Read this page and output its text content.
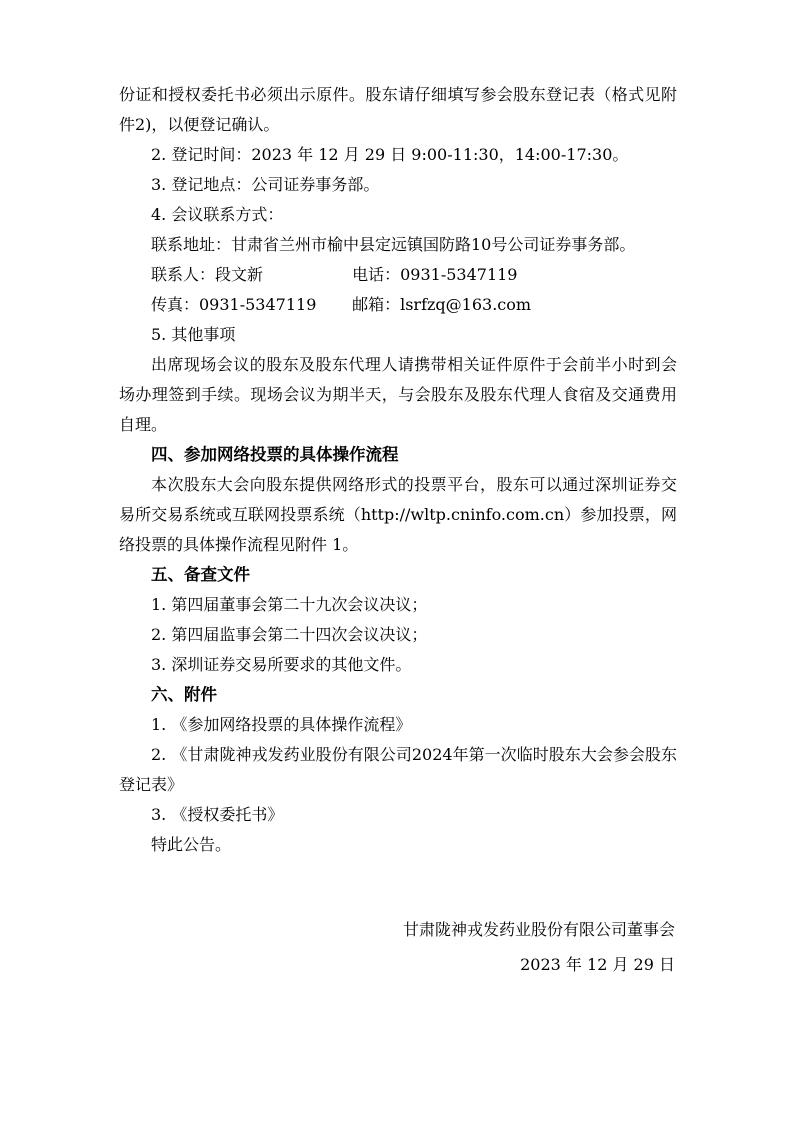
份证和授权委托书必须出示原件。股东请仔细填写参会股东登记表（格式见附件2)，以便登记确认。

2. 登记时间：2023 年 12 月 29 日 9:00-11:30，14:00-17:30。

3. 登记地点：公司证券事务部。

4. 会议联系方式：

联系地址：甘肃省兰州市榆中县定远镇国防路10号公司证券事务部。

联系人：段文新	电话：0931-5347119

传真：0931-5347119 邮箱：lsrfzq@163.com

5. 其他事项

出席现场会议的股东及股东代理人请携带相关证件原件于会前半小时到会场办理签到手续。现场会议为期半天，与会股东及股东代理人食宿及交通费用自理。

四、参加网络投票的具体操作流程

本次股东大会向股东提供网络形式的投票平台，股东可以通过深圳证券交易所交易系统或互联网投票系统（http://wltp.cninfo.com.cn）参加投票，网络投票的具体操作流程见附件 1。

五、备查文件

1. 第四届董事会第二十九次会议决议；

2. 第四届监事会第二十四次会议决议；

3. 深圳证券交易所要求的其他文件。

六、附件

1. 《参加网络投票的具体操作流程》

2. 《甘肃陇神戎发药业股份有限公司2024年第一次临时股东大会参会股东登记表》

3. 《授权委托书》

特此公告。

甘肃陇神戎发药业股份有限公司董事会
2023 年 12 月 29 日
